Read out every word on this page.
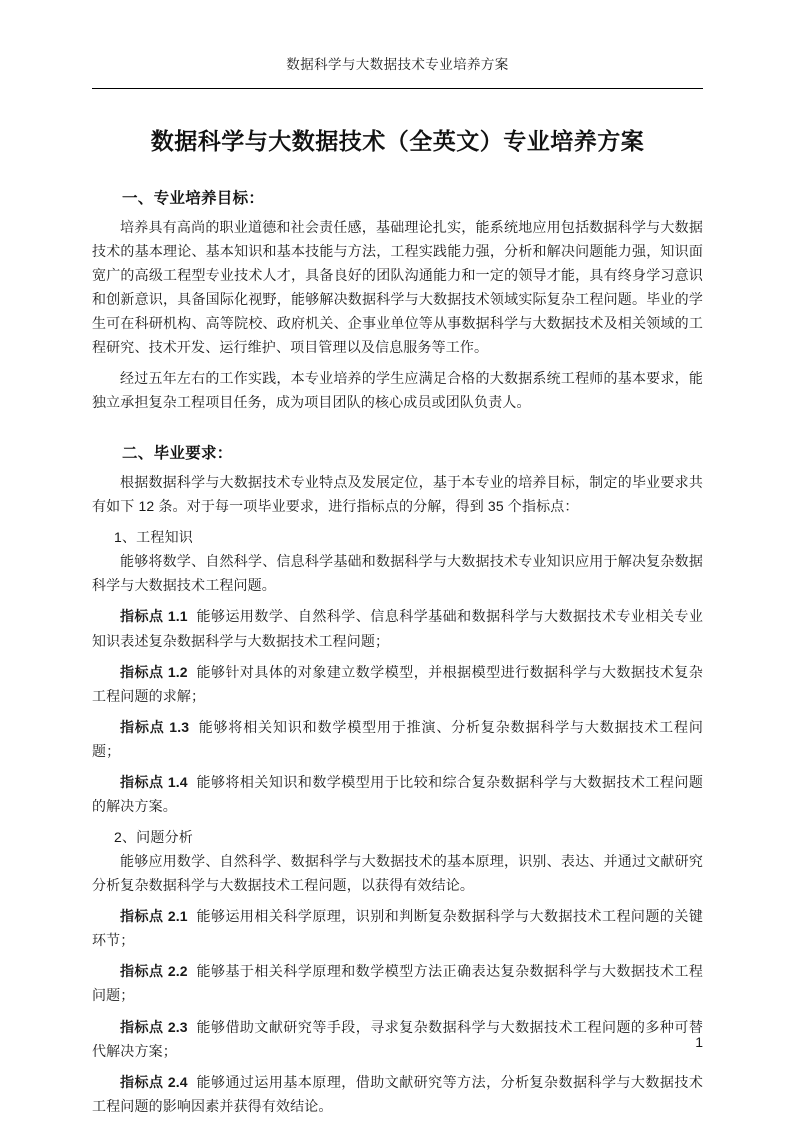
数据科学与大数据技术专业培养方案
数据科学与大数据技术（全英文）专业培养方案
一、专业培养目标：

培养具有高尚的职业道德和社会责任感，基础理论扎实，能系统地应用包括数据科学与大数据技术的基本理论、基本知识和基本技能与方法，工程实践能力强，分析和解决问题能力强，知识面宽广的高级工程型专业技术人才，具备良好的团队沟通能力和一定的领导才能，具有终身学习意识和创新意识，具备国际化视野，能够解决数据科学与大数据技术领域实际复杂工程问题。毕业的学生可在科研机构、高等院校、政府机关、企事业单位等从事数据科学与大数据技术及相关领域的工程研究、技术开发、运行维护、项目管理以及信息服务等工作。

经过五年左右的工作实践，本专业培养的学生应满足合格的大数据系统工程师的基本要求，能独立承担复杂工程项目任务，成为项目团队的核心成员或团队负责人。

二、毕业要求：

根据数据科学与大数据技术专业特点及发展定位，基于本专业的培养目标，制定的毕业要求共有如下 12 条。对于每一项毕业要求，进行指标点的分解，得到 35 个指标点：

1、工程知识

能够将数学、自然科学、信息科学基础和数据科学与大数据技术专业知识应用于解决复杂数据科学与大数据技术工程问题。

指标点 1.1 能够运用数学、自然科学、信息科学基础和数据科学与大数据技术专业相关专业知识表述复杂数据科学与大数据技术工程问题；

指标点 1.2 能够针对具体的对象建立数学模型，并根据模型进行数据科学与大数据技术复杂工程问题的求解；

指标点 1.3 能够将相关知识和数学模型用于推演、分析复杂数据科学与大数据技术工程问题；

指标点 1.4 能够将相关知识和数学模型用于比较和综合复杂数据科学与大数据技术工程问题的解决方案。

2、问题分析

能够应用数学、自然科学、数据科学与大数据技术的基本原理，识别、表达、并通过文献研究分析复杂数据科学与大数据技术工程问题，以获得有效结论。

指标点 2.1 能够运用相关科学原理，识别和判断复杂数据科学与大数据技术工程问题的关键环节；

指标点 2.2 能够基于相关科学原理和数学模型方法正确表达复杂数据科学与大数据技术工程问题；

指标点 2.3 能够借助文献研究等手段，寻求复杂数据科学与大数据技术工程问题的多种可替代解决方案；

指标点 2.4 能够通过运用基本原理，借助文献研究等方法，分析复杂数据科学与大数据技术工程问题的影响因素并获得有效结论。

1
